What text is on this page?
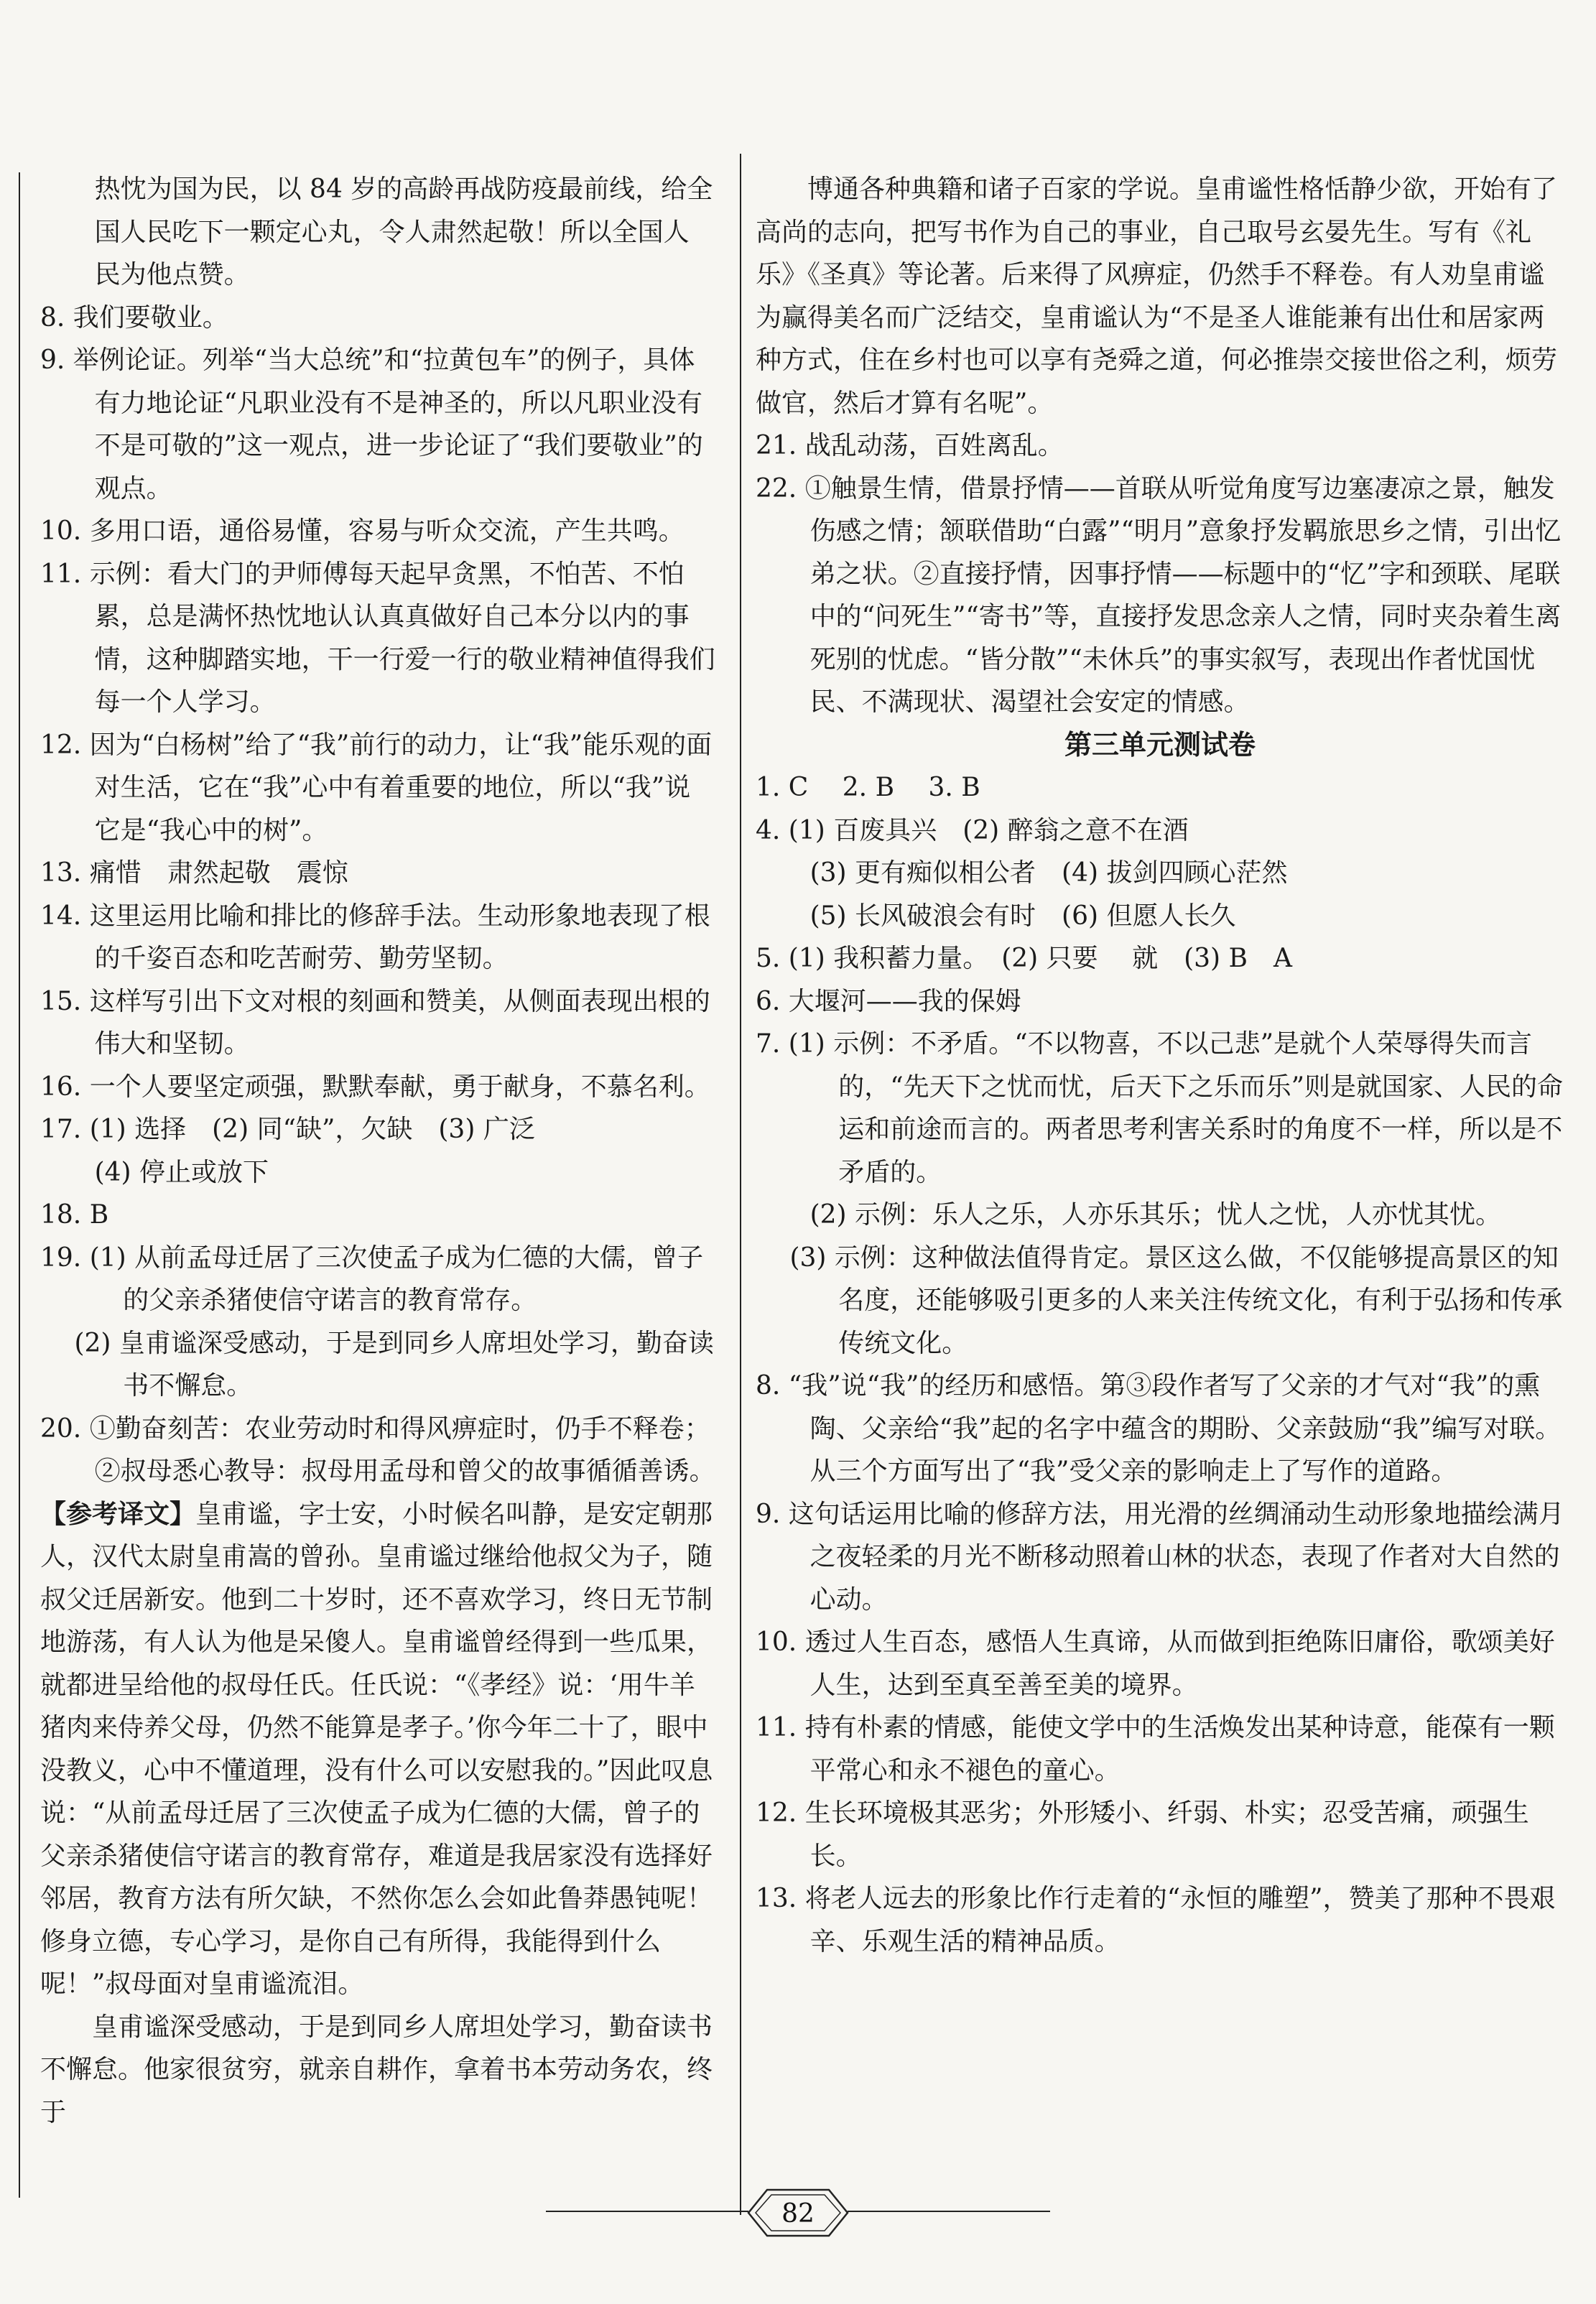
热忱为国为民，以 84 岁的高龄再战防疫最前线，给全

国人民吃下一颗定心丸，令人肃然起敬！所以全国人

民为他点赞。

8. 我们要敬业。

9. 举例论证。列举“当大总统”和“拉黄包车”的例子，具体有力地论证“凡职业没有不是神圣的，所以凡职业没有不是可敬的”这一观点，进一步论证了“我们要敬业”的观点。

10. 多用口语，通俗易懂，容易与听众交流，产生共鸣。

11. 示例：看大门的尹师傅每天起早贪黑，不怕苦、不怕累，总是满怀热忱地认认真真做好自己本分以内的事情，这种脚踏实地，干一行爱一行的敬业精神值得我们每一个人学习。

12. 因为“白杨树”给了“我”前行的动力，让“我”能乐观的面对生活，它在“我”心中有着重要的地位，所以“我”说它是“我心中的树”。

13. 痛惜　肃然起敬　震惊

14. 这里运用比喻和排比的修辞手法。生动形象地表现了根的千姿百态和吃苦耐劳、勤劳坚韧。

15. 这样写引出下文对根的刻画和赞美，从侧面表现出根的伟大和坚韧。

16. 一个人要坚定顽强，默默奉献，勇于献身，不慕名利。

17. (1) 选择　(2) 同“缺”，欠缺　(3) 广泛

(4) 停止或放下

18. B

19. (1) 从前孟母迁居了三次使孟子成为仁德的大儒，曾子的父亲杀猪使信守诺言的教育常存。

　 (2) 皇甫谧深受感动，于是到同乡人席坦处学习，勤奋读书不懈怠。

20. ①勤奋刻苦：农业劳动时和得风痹症时，仍手不释卷；

②叔母悉心教导：叔母用孟母和曾父的故事循循善诱。

【参考译文】皇甫谧，字士安，小时候名叫静，是安定朝那人，汉代太尉皇甫嵩的曾孙。皇甫谧过继给他叔父为子，随叔父迁居新安。他到二十岁时，还不喜欢学习，终日无节制地游荡，有人认为他是呆傻人。皇甫谧曾经得到一些瓜果，就都进呈给他的叔母任氏。任氏说：“《孝经》说：‘用牛羊猪肉来侍养父母，仍然不能算是孝子。’你今年二十了，眼中没教义，心中不懂道理，没有什么可以安慰我的。”因此叹息说：“从前孟母迁居了三次使孟子成为仁德的大儒，曾子的父亲杀猪使信守诺言的教育常存，难道是我居家没有选择好邻居，教育方法有所欠缺，不然你怎么会如此鲁莽愚钝呢！修身立德，专心学习，是你自己有所得，我能得到什么呢！”叔母面对皇甫谧流泪。

皇甫谧深受感动，于是到同乡人席坦处学习，勤奋读书不懈怠。他家很贫穷，就亲自耕作，拿着书本劳动务农，终于

博通各种典籍和诸子百家的学说。皇甫谧性格恬静少欲，开始有了高尚的志向，把写书作为自己的事业，自己取号玄晏先生。写有《礼乐》《圣真》等论著。后来得了风痹症，仍然手不释卷。有人劝皇甫谧为赢得美名而广泛结交，皇甫谧认为“不是圣人谁能兼有出仕和居家两种方式，住在乡村也可以享有尧舜之道，何必推崇交接世俗之利，烦劳做官，然后才算有名呢”。

21. 战乱动荡，百姓离乱。

22. ①触景生情，借景抒情——首联从听觉角度写边塞凄凉之景，触发伤感之情；颔联借助“白露”“明月”意象抒发羁旅思乡之情，引出忆弟之状。②直接抒情，因事抒情——标题中的“忆”字和颈联、尾联中的“问死生”“寄书”等，直接抒发思念亲人之情，同时夹杂着生离死别的忧虑。“皆分散”“未休兵”的事实叙写，表现出作者忧国忧民、不满现状、渴望社会安定的情感。

第三单元测试卷

1. C　 2. B　 3. B

4. (1) 百废具兴　(2) 醉翁之意不在酒

(3) 更有痴似相公者　(4) 拔剑四顾心茫然

(5) 长风破浪会有时　(6) 但愿人长久

5. (1) 我积蓄力量。　(2) 只要　 就　(3) B　A

6. 大堰河——我的保姆

7. (1) 示例：不矛盾。“不以物喜，不以己悲”是就个人荣辱得失而言的，“先天下之忧而忧，后天下之乐而乐”则是就国家、人民的命运和前途而言的。两者思考利害关系时的角度不一样，所以是不矛盾的。

(2) 示例：乐人之乐，人亦乐其乐；忧人之忧，人亦忧其忧。

　 (3) 示例：这种做法值得肯定。景区这么做，不仅能够提高景区的知名度，还能够吸引更多的人来关注传统文化，有利于弘扬和传承传统文化。

8. “我”说“我”的经历和感悟。第③段作者写了父亲的才气对“我”的熏陶、父亲给“我”起的名字中蕴含的期盼、父亲鼓励“我”编写对联。从三个方面写出了“我”受父亲的影响走上了写作的道路。

9. 这句话运用比喻的修辞方法，用光滑的丝绸涌动生动形象地描绘满月之夜轻柔的月光不断移动照着山林的状态，表现了作者对大自然的心动。

10. 透过人生百态，感悟人生真谛，从而做到拒绝陈旧庸俗，歌颂美好人生，达到至真至善至美的境界。

11. 持有朴素的情感，能使文学中的生活焕发出某种诗意，能葆有一颗平常心和永不褪色的童心。

12. 生长环境极其恶劣；外形矮小、纤弱、朴实；忍受苦痛，顽强生长。

13. 将老人远去的形象比作行走着的“永恒的雕塑”，赞美了那种不畏艰辛、乐观生活的精神品质。

82
